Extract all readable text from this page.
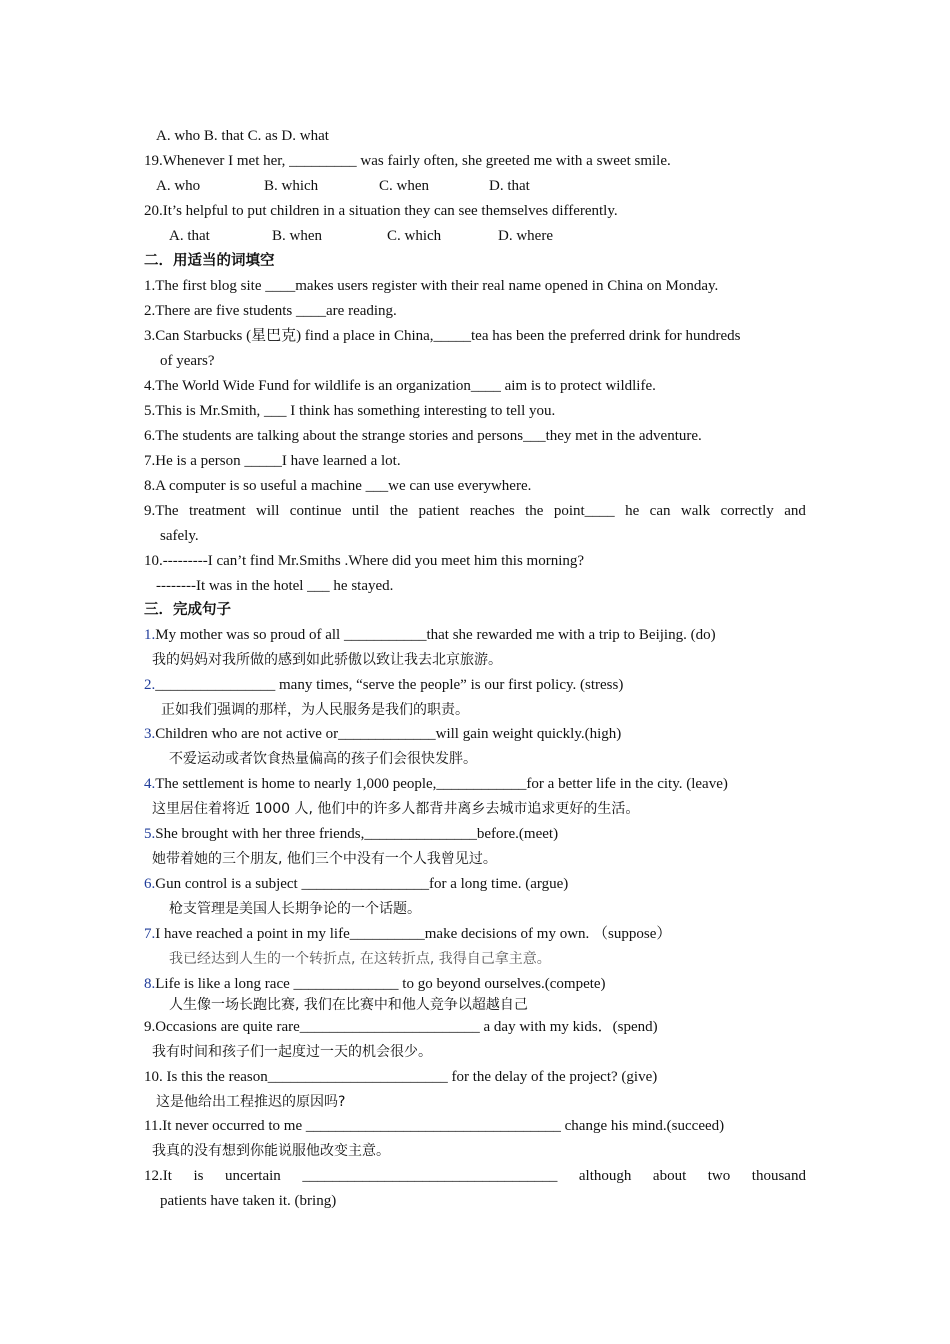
A. who B. that C. as D. what
19.Whenever I met her, _________ was fairly often, she greeted me with a sweet smile.
A. who	B. which	C. when	D. that
20.It’s helpful to put children in a situation they can see themselves differently.
A. that	B. when	C. which	D. where
二．用适当的词填空
1.The first blog site ____makes users register with their real name opened in China on Monday.
2.There are five students ____are reading.
3.Can Starbucks (星巴克) find a place in China,_____tea has been the preferred drink for hundreds
of years?
4.The World Wide Fund for wildlife is an organization____ aim is to protect wildlife.
5.This is Mr.Smith, ___ I think has something interesting to tell you.
6.The students are talking about the strange stories and persons___they met in the adventure.
7.He is a person _____I have learned a lot.
8.A computer is so useful a machine ___we can use everywhere.
9.The treatment will continue until the patient reaches the point____ he can walk correctly and
safely.
10.---------I can’t find Mr.Smiths .Where did you meet him this morning?
--------It was in the hotel ___ he stayed.
三．完成句子
1.My mother was so proud of all ___________that she rewarded me with a trip to Beijing. (do)
我的妈妈对我所做的感到如此骄傲以致让我去北京旅游。
2.________________ many times, “serve the people” is our first policy. (stress)
正如我们强调的那样，为人民服务是我们的职责。
3.Children who are not active or_____________will gain weight quickly.(high)
不爱运动或者饮食热量偏高的孩子们会很快发胖。
4.The settlement is home to nearly 1,000 people,____________for a better life in the city. (leave)
这里居住着将近 1000 人, 他们中的许多人都背井离乡去城市追求更好的生活。
5.She brought with her three friends,_______________before.(meet)
她带着她的三个朋友, 他们三个中没有一个人我曾见过。
6.Gun control is a subject _________________for a long time. (argue)
枪支管理是美国人长期争论的一个话题。
7.I have reached a point in my life__________make decisions of my own. （suppose）
我已经达到人生的一个转折点, 在这转折点, 我得自己拿主意。
8.Life is like a long race ______________ to go beyond ourselves.(compete)
人生像一场长跑比赛, 我们在比赛中和他人竞争以超越自己
9.Occasions are quite rare________________________ a day with my kids．(spend)
我有时间和孩子们一起度过一天的机会很少。
10. Is this the reason________________________ for the delay of the project? (give)
这是他给出工程推迟的原因吗?
11.It never occurred to me __________________________________ change his mind.(succeed)
我真的没有想到你能说服他改变主意。
12.It is uncertain __________________________________ although about two thousand
patients have taken it. (bring)
